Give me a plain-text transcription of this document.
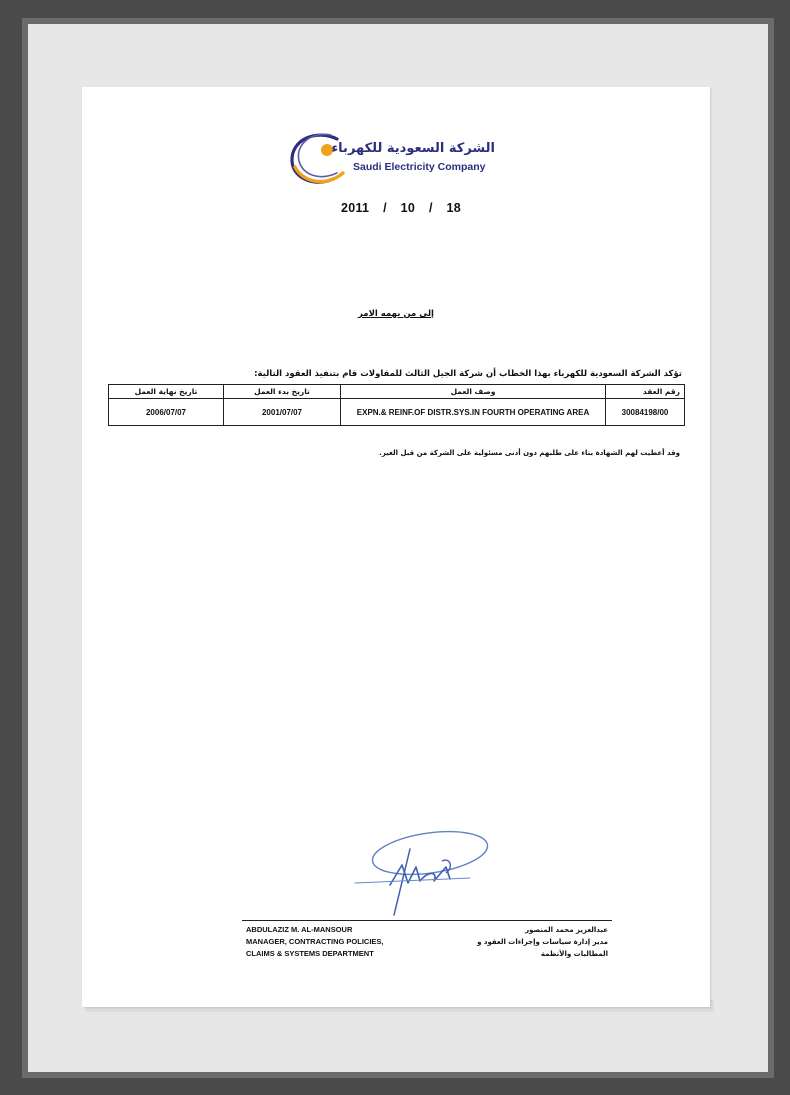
الشركة السعودية للكهرباء
Saudi Electricity Company
2011 / 10 / 18
إلى من يهمه الامر
تؤكد الشركة السعودية للكهرباء بهذا الخطاب أن شركة الجيل الثالث للمقاولات قام بتنفيذ العقود التالية:
تاريخ نهاية العمل	تاريخ بدء العمل	وصف العمل	رقم العقد
2006/07/07	2001/07/07	EXPN.& REINF.OF DISTR.SYS.IN FOURTH OPERATING AREA	30084198/00
وقد أعطيت لهم الشهادة بناء على طلبهم دون أدنى مسئولية على الشركة من قبل الغير.
ABDULAZIZ M. AL-MANSOUR
MANAGER, CONTRACTING POLICIES,
CLAIMS & SYSTEMS DEPARTMENT
عبدالعزيز محمد المنصور
مدير إدارة سياسات وإجراءات العقود و
المطالبات والأنظمة
